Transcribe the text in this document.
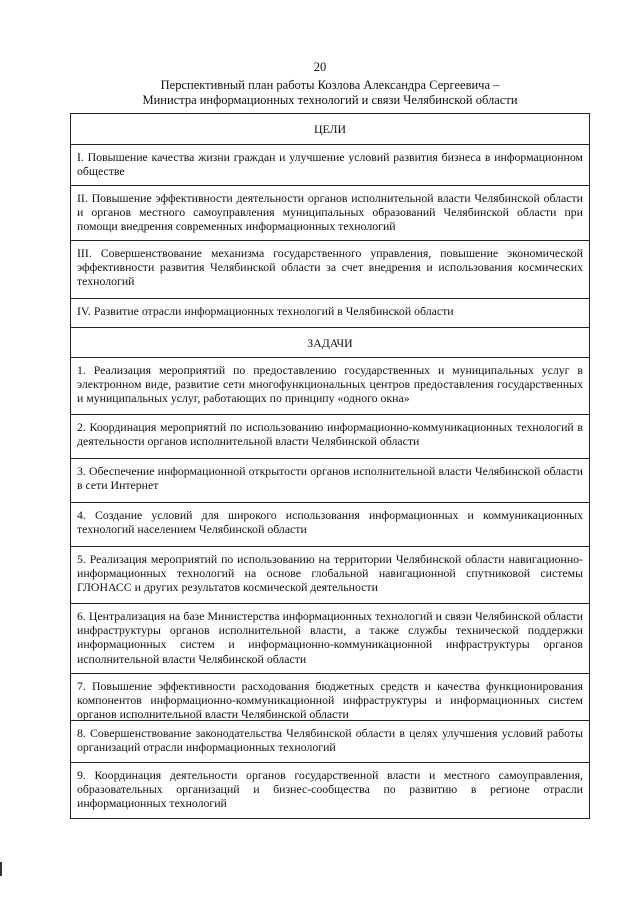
20
Перспективный план работы Козлова Александра Сергеевича –
Министра информационных технологий и связи Челябинской области
ЦЕЛИ
I. Повышение качества жизни граждан и улучшение условий развития бизнеса в информационном обществе
II. Повышение эффективности деятельности органов исполнительной власти Челябинской области и органов местного самоуправления муниципальных образований Челябинской области при помощи внедрения современных информационных технологий
III. Совершенствование механизма государственного управления, повышение экономической эффективности развития Челябинской области за счет внедрения и использования космических технологий
IV. Развитие отрасли информационных технологий в Челябинской области
ЗАДАЧИ
1. Реализация мероприятий по предоставлению государственных и муниципальных услуг в электронном виде, развитие сети многофункциональных центров предоставления государственных и муниципальных услуг, работающих по принципу «одного окна»
2. Координация мероприятий по использованию информационно-коммуникационных технологий в деятельности органов исполнительной власти Челябинской области
3. Обеспечение информационной открытости органов исполнительной власти Челябинской области в сети Интернет
4. Создание условий для широкого использования информационных и коммуникационных технологий населением Челябинской области
5. Реализация мероприятий по использованию на территории Челябинской области навигационно-информационных технологий на основе глобальной навигационной спутниковой системы ГЛОНАСС и других результатов космической деятельности
6. Централизация на базе Министерства информационных технологий и связи Челябинской области инфраструктуры органов исполнительной власти, а также службы технической поддержки информационных систем и информационно-коммуникационной инфраструктуры органов исполнительной власти Челябинской области
7. Повышение эффективности расходования бюджетных средств и качества функционирования компонентов информационно-коммуникационной инфраструктуры и информационных систем органов исполнительной власти Челябинской области
8. Совершенствование законодательства Челябинской области в целях улучшения условий работы организаций отрасли информационных технологий
9. Координация деятельности органов государственной власти и местного самоуправления, образовательных организаций и бизнес-сообщества по развитию в регионе отрасли информационных технологий
